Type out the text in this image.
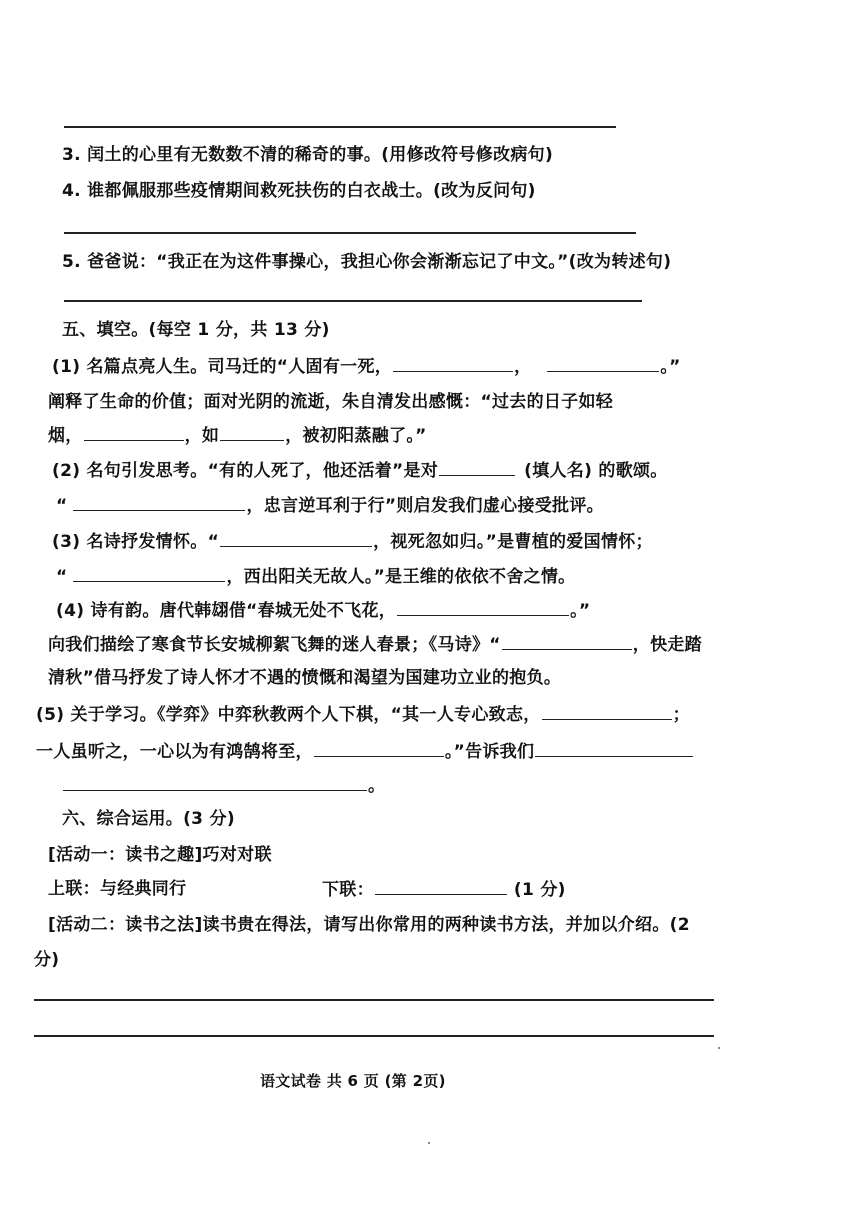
3. 闰土的心里有无数数不清的稀奇的事。(用修改符号修改病句)
4. 谁都佩服那些疫情期间救死扶伤的白衣战士。(改为反问句)
5. 爸爸说：“我正在为这件事操心，我担心你会渐渐忘记了中文。”(改为转述句)
五、填空。(每空 1 分，共 13 分)
(1) 名篇点亮人生。司马迁的“人固有一死，	，	。”
阐释了生命的价值；面对光阴的流逝，朱自清发出感慨：“过去的日子如轻
烟，	，如	，被初阳蒸融了。”
(2) 名句引发思考。“有的人死了，他还活着”是对	(填人名) 的歌颂。
“	，忠言逆耳利于行”则启发我们虚心接受批评。
(3) 名诗抒发情怀。“	，视死忽如归。”是曹植的爱国情怀；
“	，西出阳关无故人。”是王维的依依不舍之情。
(4) 诗有韵。唐代韩翃借“春城无处不飞花，	。”
向我们描绘了寒食节长安城柳絮飞舞的迷人春景；《马诗》“	，快走踏
清秋”借马抒发了诗人怀才不遇的愤慨和渴望为国建功立业的抱负。
(5) 关于学习。《学弈》中弈秋教两个人下棋，“其一人专心致志，	；
一人虽听之，一心以为有鸿鹄将至，	。”告诉我们
。
六、综合运用。(3 分)
[活动一：读书之趣]巧对对联
上联：与经典同行	下联：	(1 分)
[活动二：读书之法]读书贵在得法，请写出你常用的两种读书方法，并加以介绍。(2
分)
语文试卷 共 6 页 (第 2页)
